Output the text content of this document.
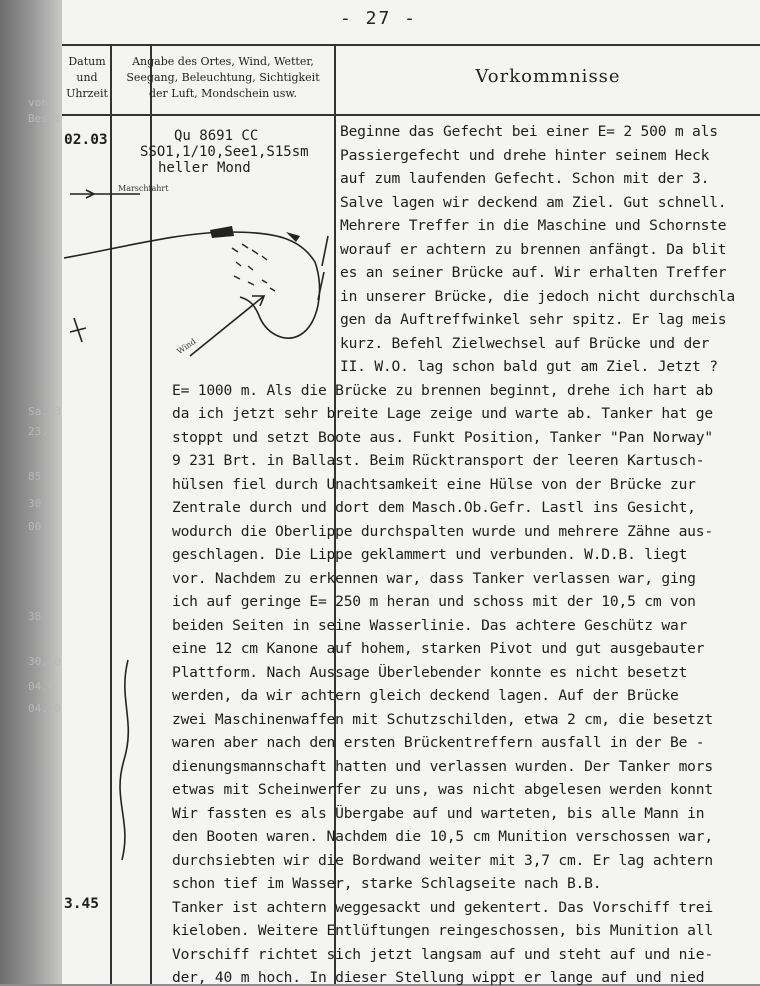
von
Besat
Sa.23
23.4
85
30
00
38
30.40
04.0
04.30
- 27 -
Datum
und
Uhrzeit
Angabe des Ortes, Wind, Wetter,
Seegang, Beleuchtung, Sichtigkeit
der Luft, Mondschein usw.
Vorkommnisse
02.03
3.45
Qu 8691 CC
SSO1,1/10,See1,S15sm
heller Mond
Marschfahrt
Wind
Beginne das Gefecht bei einer E= 2 500 m als
Passiergefecht und drehe hinter seinem Heck
auf zum laufenden Gefecht. Schon mit der 3.
Salve lagen wir deckend am Ziel. Gut schnell.
Mehrere Treffer in die Maschine und Schornste
worauf er achtern zu brennen anfängt. Da blit
es an seiner Brücke auf. Wir erhalten Treffer
in unserer Brücke, die jedoch nicht durchschla
gen da Auftreffwinkel sehr spitz. Er lag meis
kurz. Befehl Zielwechsel auf Brücke und der
II. W.O. lag schon bald gut am Ziel. Jetzt ?
E= 1000 m. Als die Brücke zu brennen beginnt, drehe ich hart ab
da ich jetzt sehr breite Lage zeige und warte ab. Tanker hat ge
stoppt und setzt Boote aus. Funkt Position, Tanker "Pan Norway"
9 231 Brt. in Ballast. Beim Rücktransport der leeren Kartusch-
hülsen fiel durch Unachtsamkeit eine Hülse von der Brücke zur
Zentrale durch und dort dem Masch.Ob.Gefr. Lastl ins Gesicht,
wodurch die Oberlippe durchspalten wurde und mehrere Zähne aus-
geschlagen. Die Lippe geklammert und verbunden. W.D.B. liegt
vor. Nachdem zu erkennen war, dass Tanker verlassen war, ging
ich auf geringe E= 250 m heran und schoss mit der 10,5 cm von
beiden Seiten in seine Wasserlinie. Das achtere Geschütz war
eine 12 cm Kanone auf hohem, starken Pivot und gut ausgebauter
Plattform. Nach Aussage Überlebender konnte es nicht besetzt
werden, da wir achtern gleich deckend lagen. Auf der Brücke
zwei Maschinenwaffen mit Schutzschilden, etwa 2 cm, die besetzt
waren aber nach den ersten Brückentreffern ausfall in der Be -
dienungsmannschaft hatten und verlassen wurden. Der Tanker mors
etwas mit Scheinwerfer zu uns, was nicht abgelesen werden konnt
Wir fassten es als Übergabe auf und warteten, bis alle Mann in
den Booten waren. Nachdem die 10,5 cm Munition verschossen war,
durchsiebten wir die Bordwand weiter mit 3,7 cm. Er lag achtern
schon tief im Wasser, starke Schlagseite nach B.B.
Tanker ist achtern weggesackt und gekentert. Das Vorschiff trei
kieloben. Weitere Entlüftungen reingeschossen, bis Munition all
Vorschiff richtet sich jetzt langsam auf und steht auf und nie-
der, 40 m hoch. In dieser Stellung wippt er lange auf und nied
